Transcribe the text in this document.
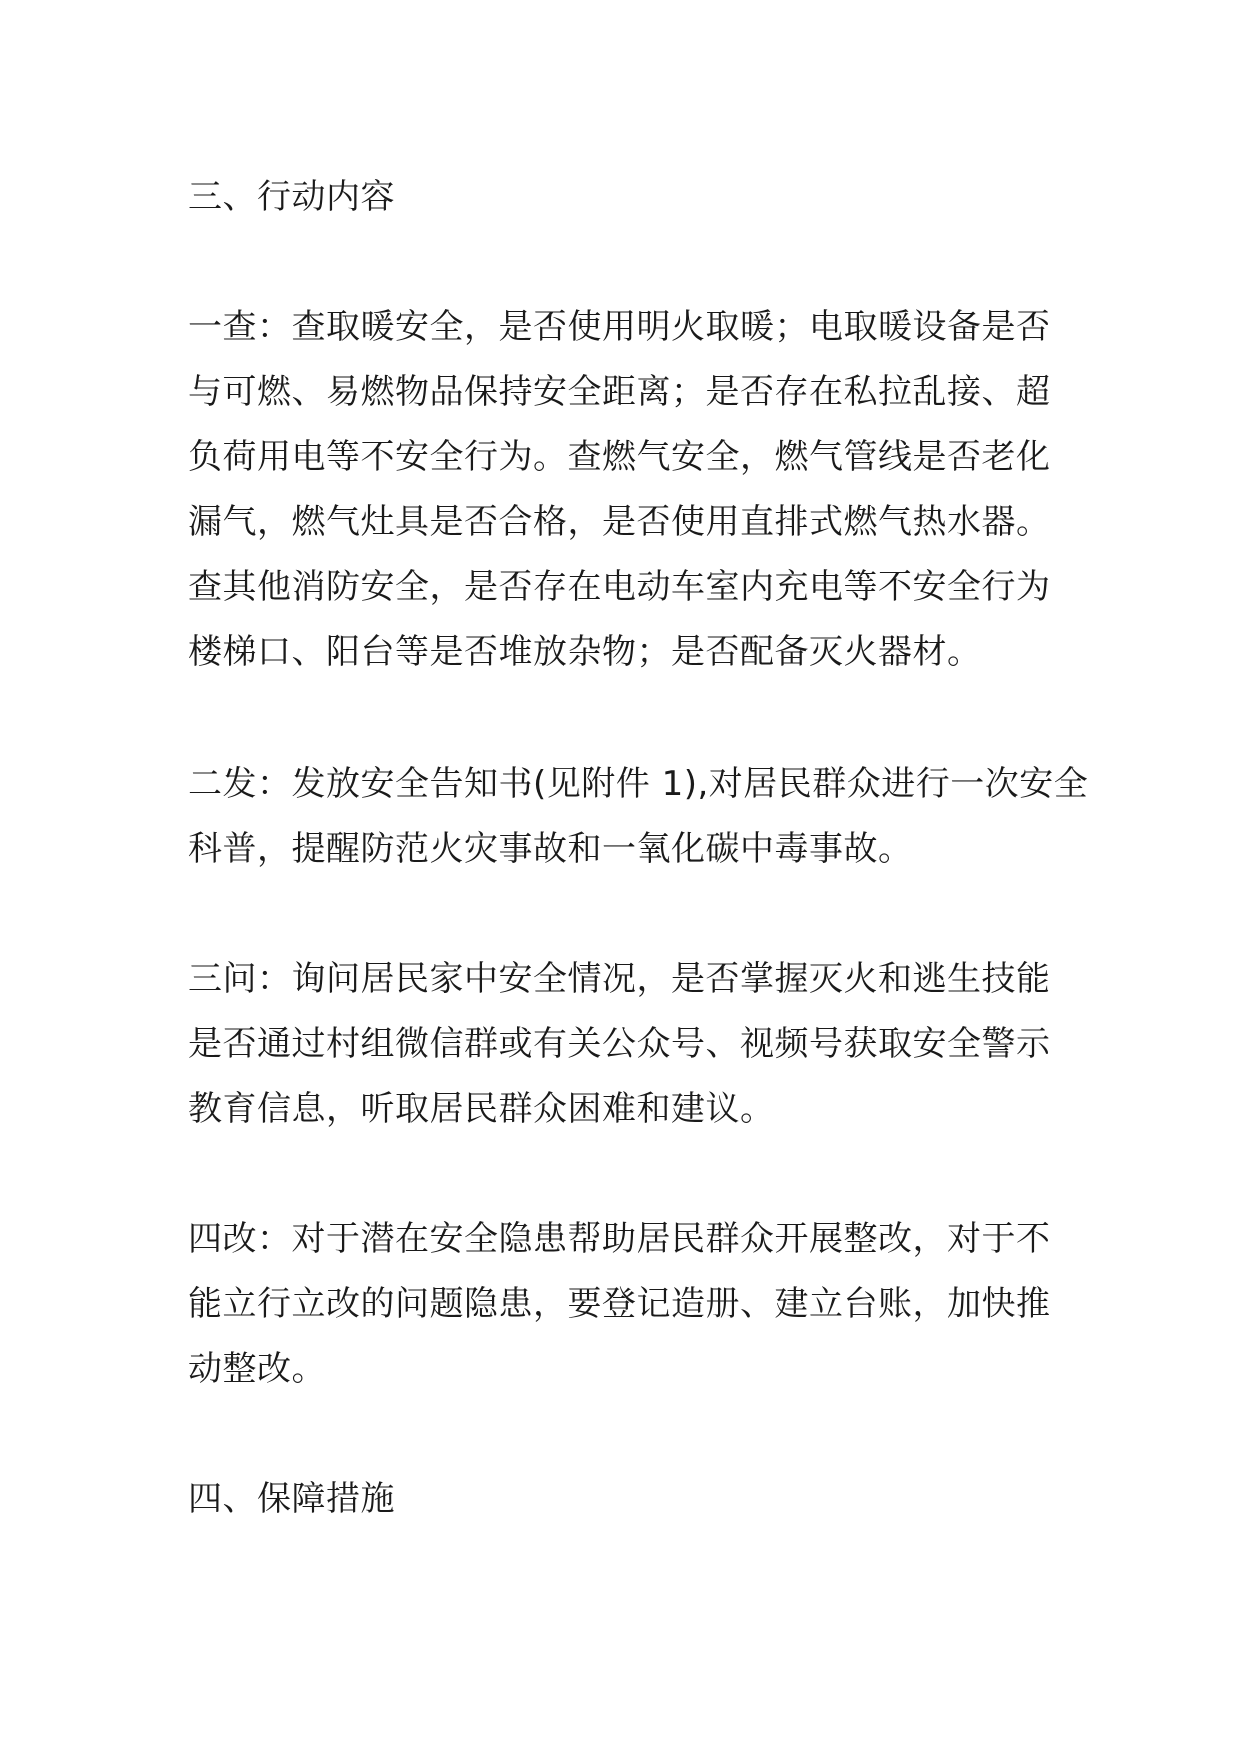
三、行动内容
一查：查取暖安全，是否使用明火取暖；电取暖设备是否
与可燃、易燃物品保持安全距离；是否存在私拉乱接、超
负荷用电等不安全行为。查燃气安全，燃气管线是否老化
漏气，燃气灶具是否合格，是否使用直排式燃气热水器。
查其他消防安全，是否存在电动车室内充电等不安全行为
楼梯口、阳台等是否堆放杂物；是否配备灭火器材。
二发：发放安全告知书(见附件 1),对居民群众进行一次安全
科普，提醒防范火灾事故和一氧化碳中毒事故。
三问：询问居民家中安全情况，是否掌握灭火和逃生技能
是否通过村组微信群或有关公众号、视频号获取安全警示
教育信息，听取居民群众困难和建议。
四改：对于潜在安全隐患帮助居民群众开展整改，对于不
能立行立改的问题隐患，要登记造册、建立台账，加快推
动整改。
四、保障措施
